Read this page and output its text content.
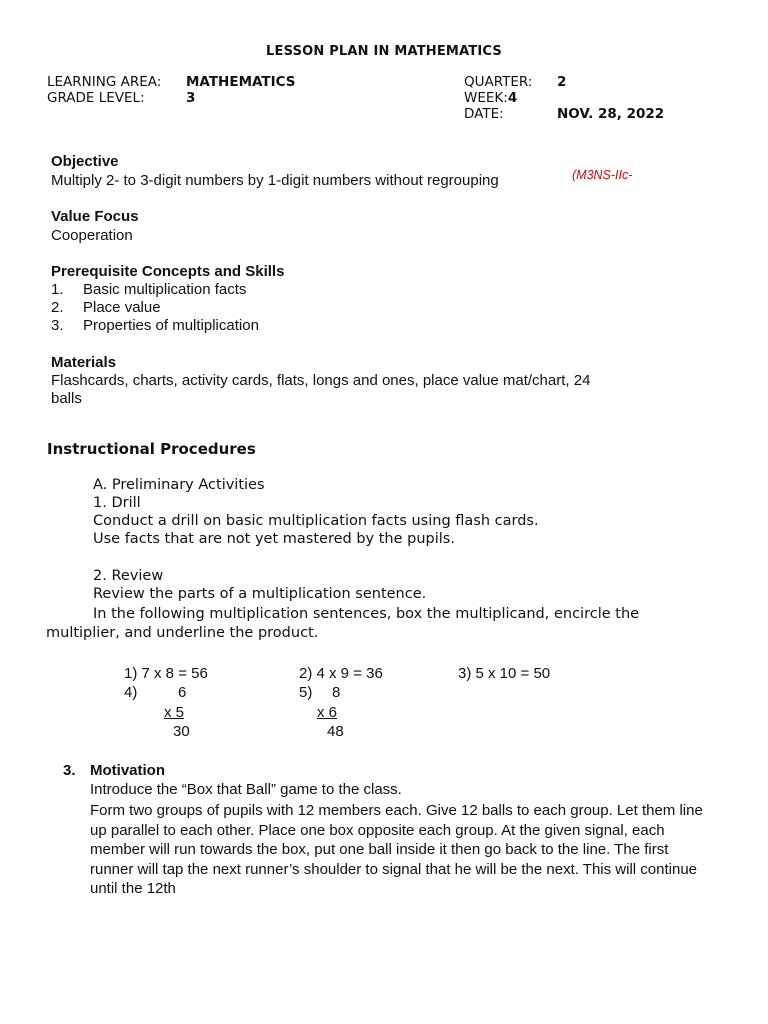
LESSON PLAN IN MATHEMATICS
LEARNING AREA: MATHEMATICS
GRADE LEVEL:	3
QUARTER: 2
WEEK:4
DATE:	NOV. 28, 2022
Objective
Multiply 2- to 3-digit numbers by 1-digit numbers without regrouping	(M3NS-IIc-
Value Focus
Cooperation
Prerequisite Concepts and Skills
1. Basic multiplication facts
2. Place value
3. Properties of multiplication
Materials
Flashcards, charts, activity cards, flats, longs and ones, place value mat/chart, 24
balls
Instructional Procedures
A. Preliminary Activities
1. Drill
Conduct a drill on basic multiplication facts using flash cards.
Use facts that are not yet mastered by the pupils.
2. Review
Review the parts of a multiplication sentence.
In the following multiplication sentences, box the multiplicand, encircle the multiplier, and underline the product.
1) 7 x 8 = 56	2) 4 x 9 = 36	3) 5 x 10 = 50
4)	6
x 5
30
5) 8
x 6
48
3. Motivation
Introduce the “Box that Ball” game to the class.
Form two groups of pupils with 12 members each. Give 12 balls to each group. Let them line up parallel to each other. Place one box opposite each group. At the given signal, each member will run towards the box, put one ball inside it then go back to the line. The first runner will tap the next runner’s shoulder to signal that he will be the next. This will continue until the 12th
